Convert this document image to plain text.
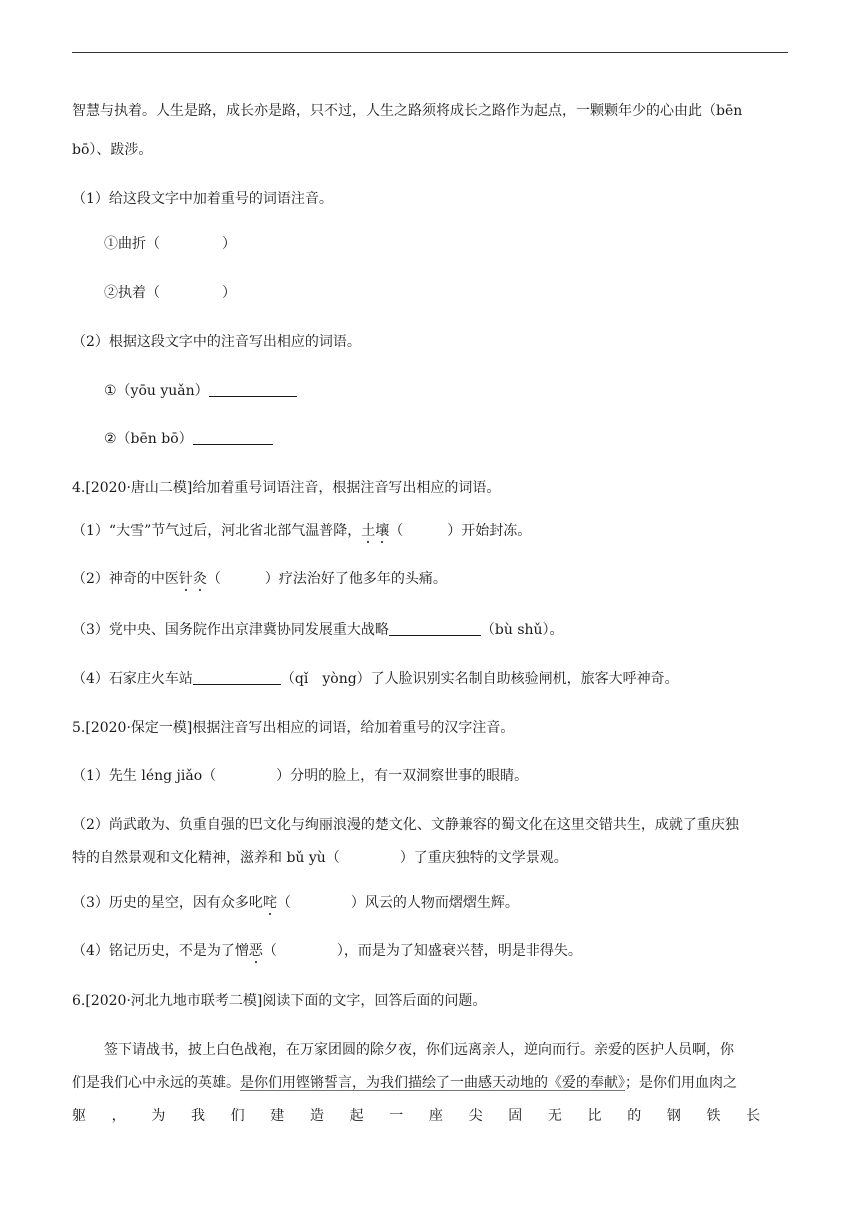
智慧与执着。人生是路，成长亦是路，只不过，人生之路须将成长之路作为起点，一颗颗年少的心由此（bēn
bō）、跋涉。
（1）给这段文字中加着重号的词语注音。
①曲折（	）
②执着（	）
（2）根据这段文字中的注音写出相应的词语。
①（yōu yuǎn）
②（bēn bō）
4.[2020·唐山二模]给加着重号词语注音，根据注音写出相应的词语。
（1）“大雪”节气过后，河北省北部气温普降，土壤（	）开始封冻。
（2）神奇的中医针灸（	）疗法治好了他多年的头痛。
（3）党中央、国务院作出京津冀协同发展重大战略	（bù shǔ）。
（4）石家庄火车站	（qǐ　yòng）了人脸识别实名制自助核验闸机，旅客大呼神奇。
5.[2020·保定一模]根据注音写出相应的词语，给加着重号的汉字注音。
（1）先生 léng jiǎo（	）分明的脸上，有一双洞察世事的眼睛。
（2）尚武敢为、负重自强的巴文化与绚丽浪漫的楚文化、文静兼容的蜀文化在这里交错共生，成就了重庆独
特的自然景观和文化精神，滋养和 bǔ yù（	）了重庆独特的文学景观。
（3）历史的星空，因有众多叱咤（	）风云的人物而熠熠生辉。
（4）铭记历史，不是为了憎恶（	），而是为了知盛衰兴替，明是非得失。
6.[2020·河北九地市联考二模]阅读下面的文字，回答后面的问题。
签下请战书，披上白色战袍，在万家团圆的除夕夜，你们远离亲人，逆向而行。亲爱的医护人员啊，你
们是我们心中永远的英雄。是你们用铿锵誓言，为我们描绘了一曲感天动地的《爱的奉献》；是你们用血肉之
躯 ， 为 我 们 建 造 起 一 座 尖 固 无 比 的 钢 铁 长
